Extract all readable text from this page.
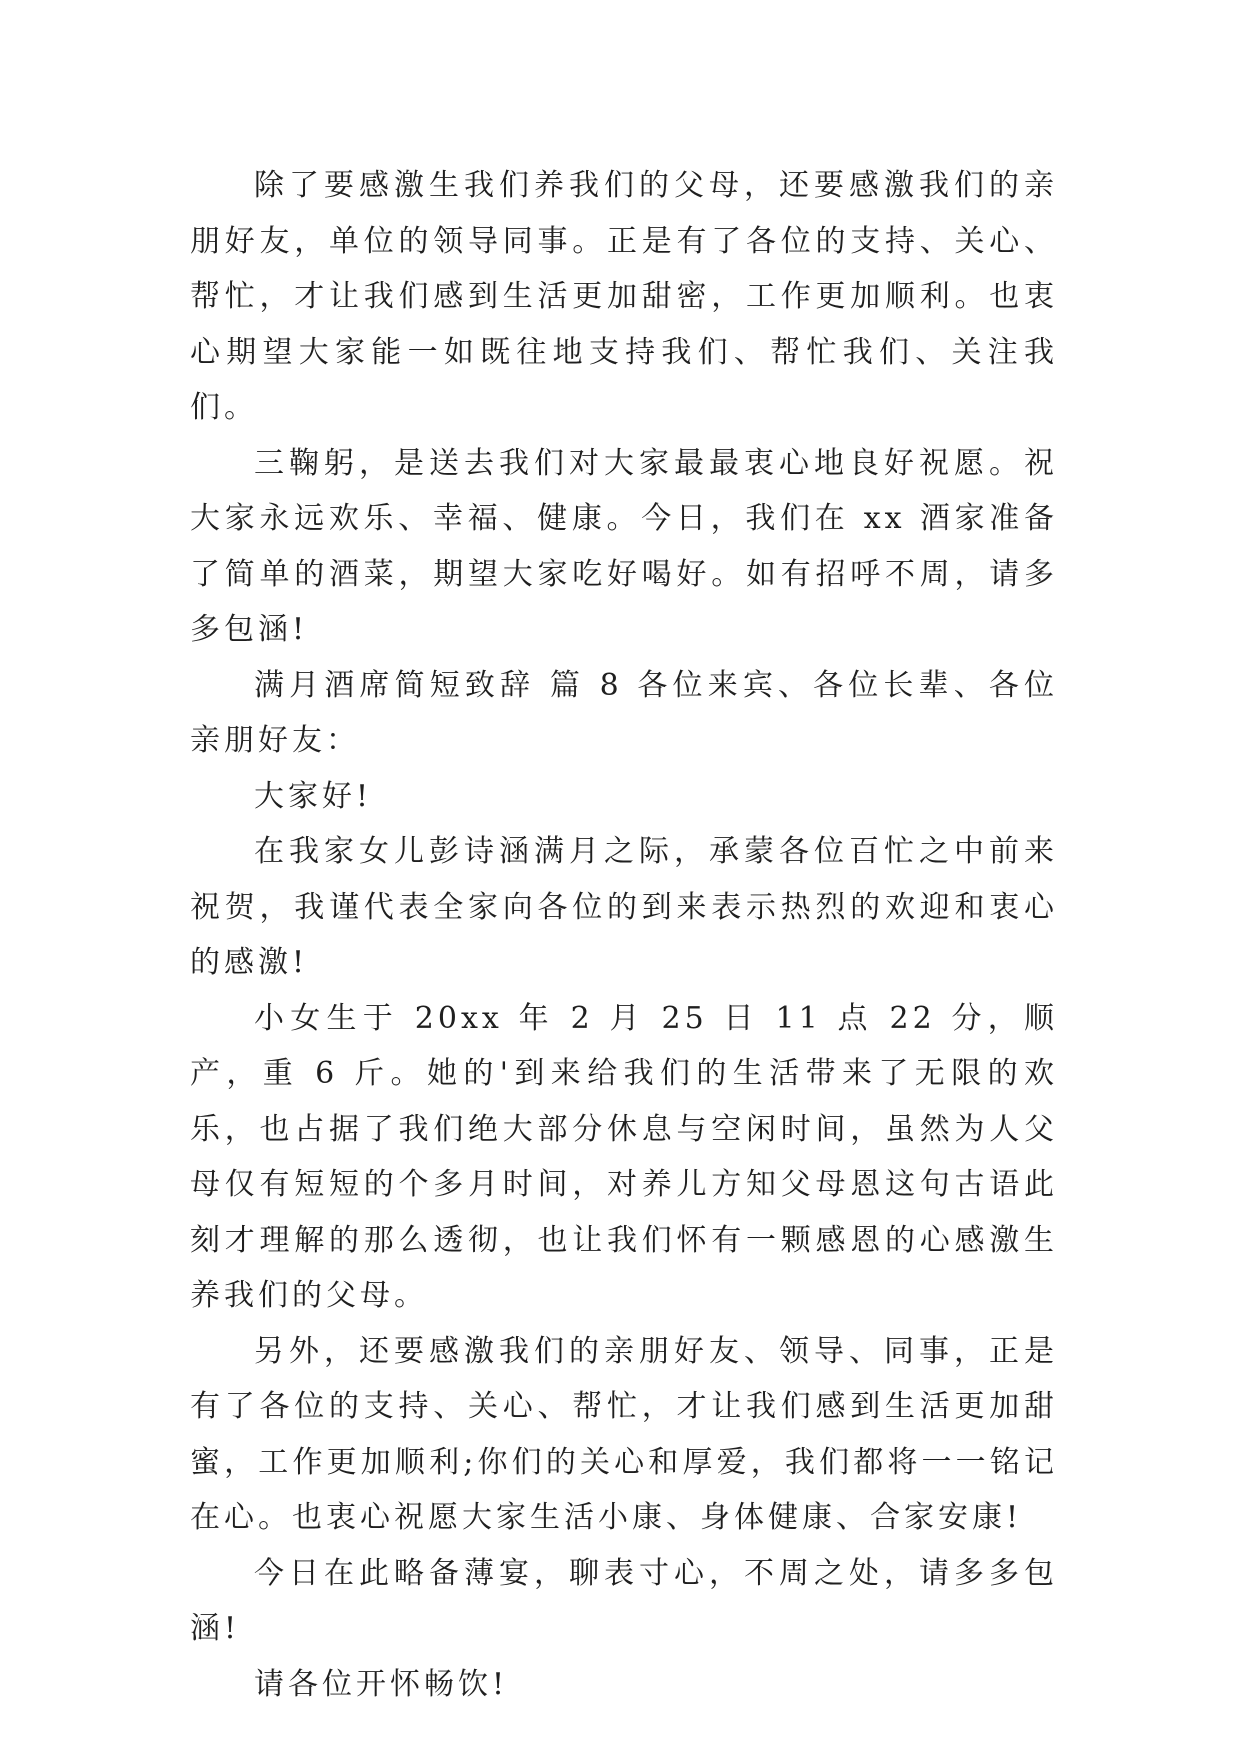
除了要感激生我们养我们的父母，还要感激我们的亲朋好友，单位的领导同事。正是有了各位的支持、关心、帮忙，才让我们感到生活更加甜密，工作更加顺利。也衷心期望大家能一如既往地支持我们、帮忙我们、关注我们。

三鞠躬，是送去我们对大家最最衷心地良好祝愿。祝大家永远欢乐、幸福、健康。今日，我们在 xx 酒家准备了简单的酒菜，期望大家吃好喝好。如有招呼不周，请多多包涵!

满月酒席简短致辞 篇 8 各位来宾、各位长辈、各位亲朋好友：

大家好!

在我家女儿彭诗涵满月之际，承蒙各位百忙之中前来祝贺，我谨代表全家向各位的到来表示热烈的欢迎和衷心的感激!

小女生于 20xx 年 2 月 25 日 11 点 22 分，顺产，重 6 斤。她的'到来给我们的生活带来了无限的欢乐，也占据了我们绝大部分休息与空闲时间，虽然为人父母仅有短短的个多月时间，对养儿方知父母恩这句古语此刻才理解的那么透彻，也让我们怀有一颗感恩的心感激生养我们的父母。

另外，还要感激我们的亲朋好友、领导、同事，正是有了各位的支持、关心、帮忙，才让我们感到生活更加甜蜜，工作更加顺利;你们的关心和厚爱，我们都将一一铭记在心。也衷心祝愿大家生活小康、身体健康、合家安康!

今日在此略备薄宴，聊表寸心，不周之处，请多多包涵!

请各位开怀畅饮!
